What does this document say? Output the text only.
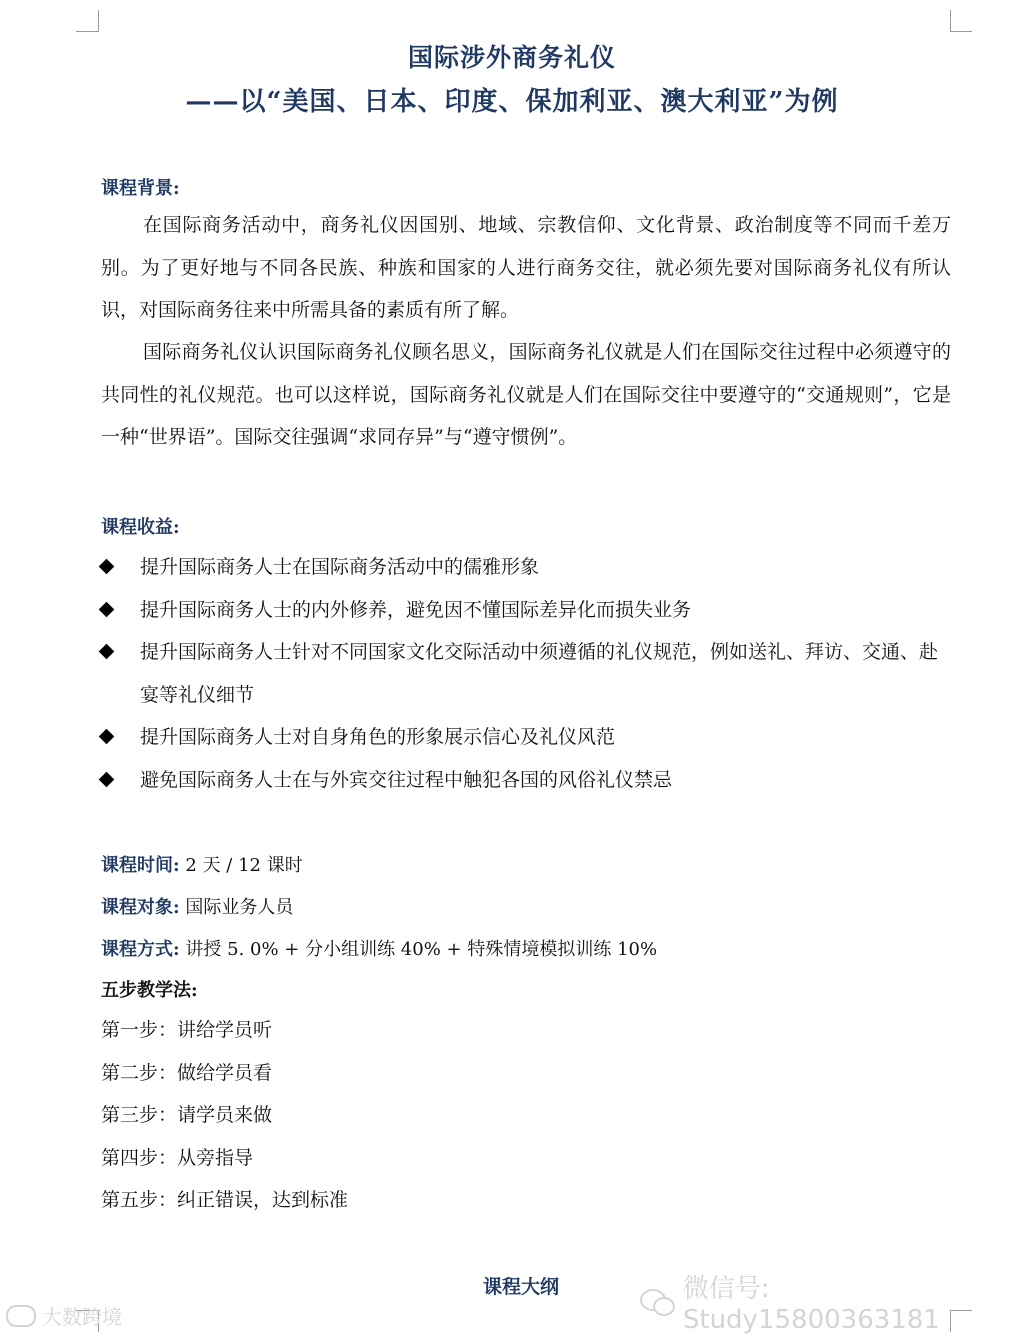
国际涉外商务礼仪
——以“美国、日本、印度、保加利亚、澳大利亚”为例
课程背景:

在国际商务活动中，商务礼仪因国别、地域、宗教信仰、文化背景、政治制度等不同而千差万别。为了更好地与不同各民族、种族和国家的人进行商务交往，就必须先要对国际商务礼仪有所认识，对国际商务往来中所需具备的素质有所了解。

国际商务礼仪认识国际商务礼仪顾名思义，国际商务礼仪就是人们在国际交往过程中必须遵守的共同性的礼仪规范。也可以这样说，国际商务礼仪就是人们在国际交往中要遵守的“交通规则”，它是一种“世界语”。国际交往强调“求同存异”与“遵守惯例”。

课程收益:
提升国际商务人士在国际商务活动中的儒雅形象
提升国际商务人士的内外修养，避免因不懂国际差异化而损失业务
提升国际商务人士针对不同国家文化交际活动中须遵循的礼仪规范，例如送礼、拜访、交通、赴宴等礼仪细节
提升国际商务人士对自身角色的形象展示信心及礼仪风范
避免国际商务人士在与外宾交往过程中触犯各国的风俗礼仪禁忌
课程时间: 2 天 / 12 课时
课程对象: 国际业务人员
课程方式: 讲授 5. 0% + 分小组训练 40% + 特殊情境模拟训练 10%
五步教学法:
第一步：讲给学员听
第二步：做给学员看
第三步：请学员来做
第四步：从旁指导
第五步：纠正错误，达到标准
课程大纲	微信号: Study15800363181
大数跨境
